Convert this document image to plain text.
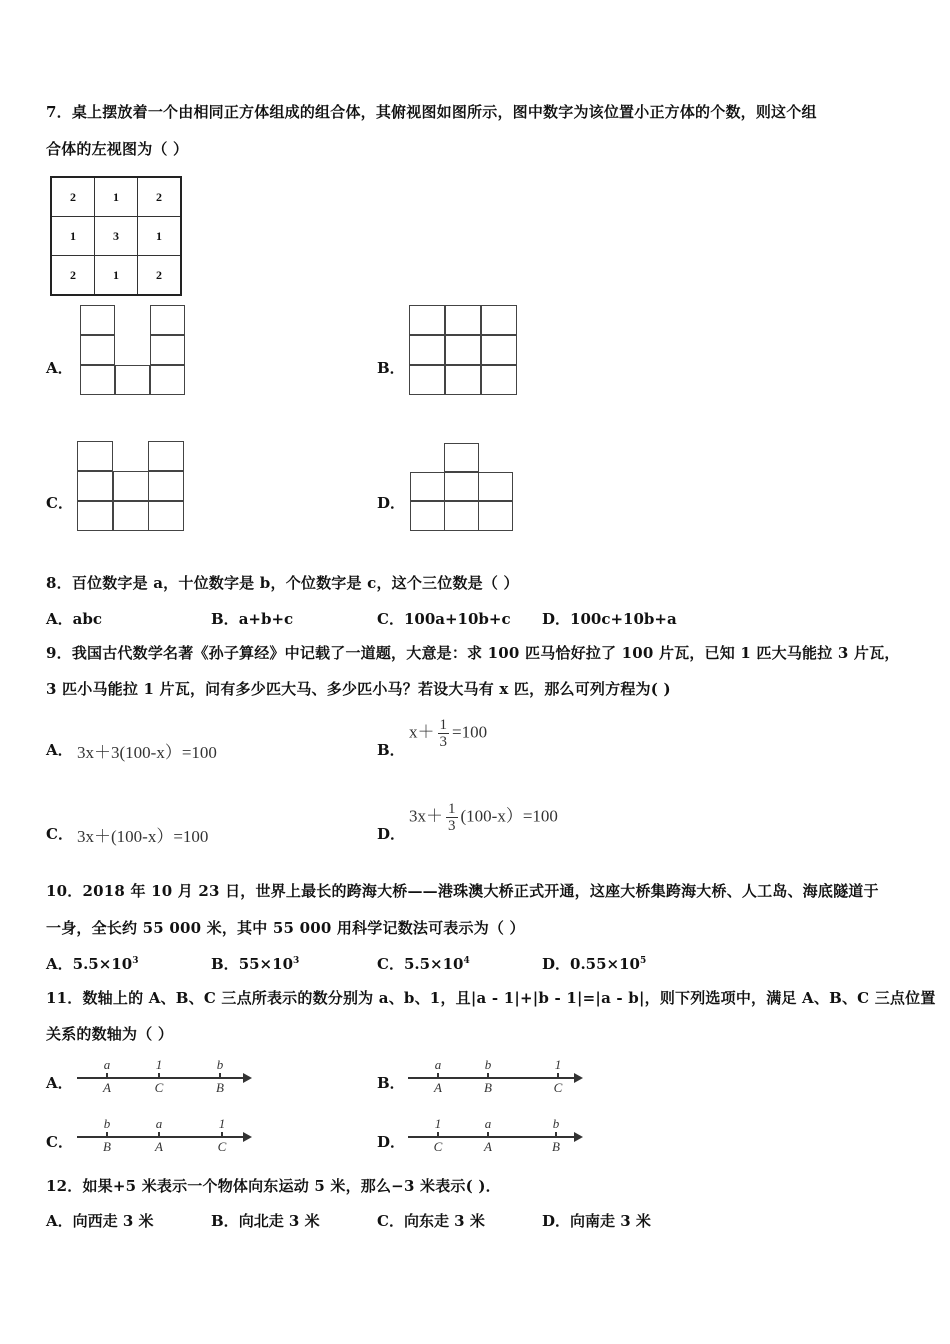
7．桌上摆放着一个由相同正方体组成的组合体，其俯视图如图所示，图中数字为该位置小正方体的个数，则这个组
合体的左视图为（ ）
2	1	2
1	3	1
2	1	2
A．	B．
C．	D．
8．百位数字是 a，十位数字是 b，个位数字是 c，这个三位数是（ ）
A．abc	B．a+b+c	C．100a+10b+c D．100c+10b+a
9．我国古代数学名著《孙子算经》中记载了一道题，大意是：求 100 匹马恰好拉了 100 片瓦，已知 1 匹大马能拉 3 片瓦，
3 匹小马能拉 1 片瓦，问有多少匹大马、多少匹小马？若设大马有 x 匹，那么可列方程为( )
A． 3x＋3(100-x）=100	B．
$x+ \frac{1}{3} =100$
C． 3x＋(100-x）=100	D．
$3x+ \frac{1}{3} (100-x)=100$
10．2018 年 10 月 23 日，世界上最长的跨海大桥——港珠澳大桥正式开通，这座大桥集跨海大桥、人工岛、海底隧道于
一身，全长约 55 000 米，其中 55 000 用科学记数法可表示为（ ）
A．$5.5\times 10^3$	B．$55\times 10^3$	C．$5.5\times 10^4$	D．$0.55\times 10^5$
11．数轴上的 A、B、C 三点所表示的数分别为 a、b、1，且|a - 1|+|b - 1|=|a - b|，则下列选项中，满足 A、B、C 三点位置
关系的数轴为（ ）
A．
a
A
1
C
b
B	B．
a
A
b
B
1
C
C．
b
B
a
A
1
C	D．
1
C
a
A
b
B
12．如果+5 米表示一个物体向东运动 5 米，那么−3 米表示( )．
A．向西走 3 米	B．向北走 3 米	C．向东走 3 米	D．向南走 3 米
